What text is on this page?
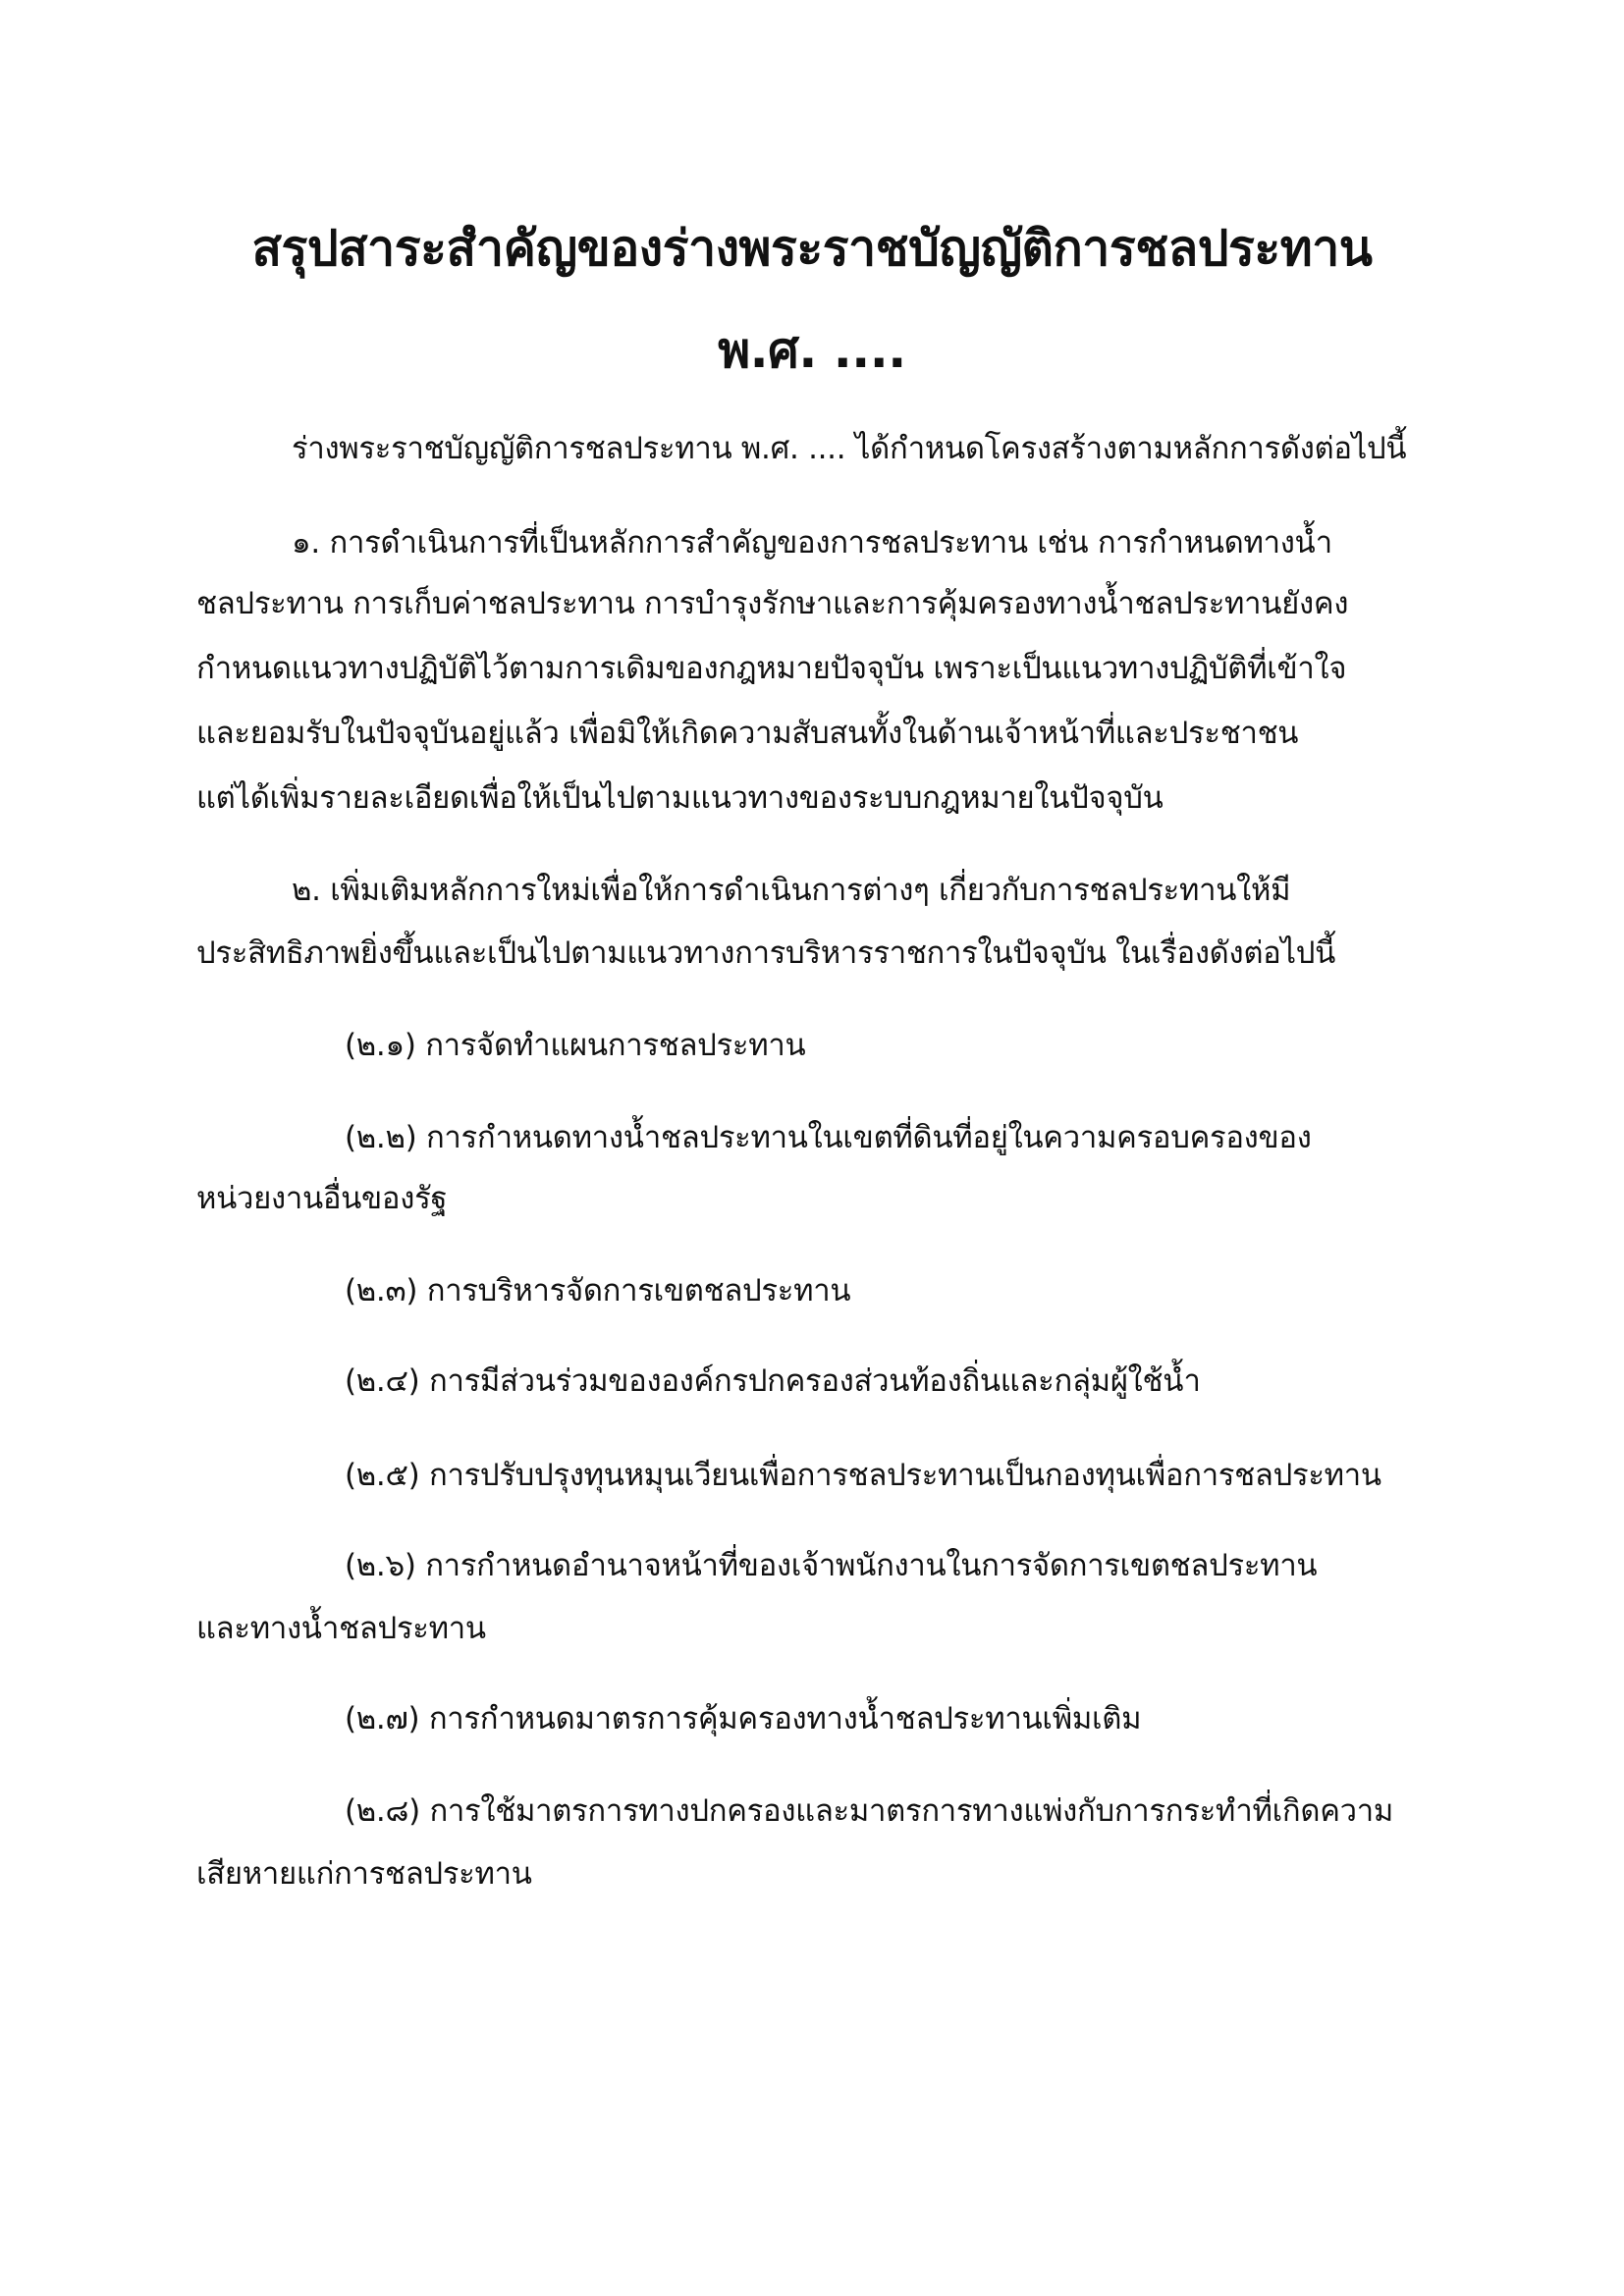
สรุปสาระสำคัญของร่างพระราชบัญญัติการชลประทาน
พ.ศ. ....
ร่างพระราชบัญญัติการชลประทาน พ.ศ. .... ได้กำหนดโครงสร้างตามหลักการดังต่อไปนี้
๑. การดำเนินการที่เป็นหลักการสำคัญของการชลประทาน เช่น การกำหนดทางน้ำ
ชลประทาน การเก็บค่าชลประทาน การบำรุงรักษาและการคุ้มครองทางน้ำชลประทานยังคง
กำหนดแนวทางปฏิบัติไว้ตามการเดิมของกฎหมายปัจจุบัน เพราะเป็นแนวทางปฏิบัติที่เข้าใจ
และยอมรับในปัจจุบันอยู่แล้ว เพื่อมิให้เกิดความสับสนทั้งในด้านเจ้าหน้าที่และประชาชน
แต่ได้เพิ่มรายละเอียดเพื่อให้เป็นไปตามแนวทางของระบบกฎหมายในปัจจุบัน
๒. เพิ่มเติมหลักการใหม่เพื่อให้การดำเนินการต่างๆ เกี่ยวกับการชลประทานให้มี
ประสิทธิภาพยิ่งขึ้นและเป็นไปตามแนวทางการบริหารราชการในปัจจุบัน ในเรื่องดังต่อไปนี้
(๒.๑) การจัดทำแผนการชลประทาน
(๒.๒) การกำหนดทางน้ำชลประทานในเขตที่ดินที่อยู่ในความครอบครองของ
หน่วยงานอื่นของรัฐ
(๒.๓) การบริหารจัดการเขตชลประทาน
(๒.๔) การมีส่วนร่วมขององค์กรปกครองส่วนท้องถิ่นและกลุ่มผู้ใช้น้ำ
(๒.๕) การปรับปรุงทุนหมุนเวียนเพื่อการชลประทานเป็นกองทุนเพื่อการชลประทาน
(๒.๖) การกำหนดอำนาจหน้าที่ของเจ้าพนักงานในการจัดการเขตชลประทาน
และทางน้ำชลประทาน
(๒.๗) การกำหนดมาตรการคุ้มครองทางน้ำชลประทานเพิ่มเติม
(๒.๘) การใช้มาตรการทางปกครองและมาตรการทางแพ่งกับการกระทำที่เกิดความ
เสียหายแก่การชลประทาน
